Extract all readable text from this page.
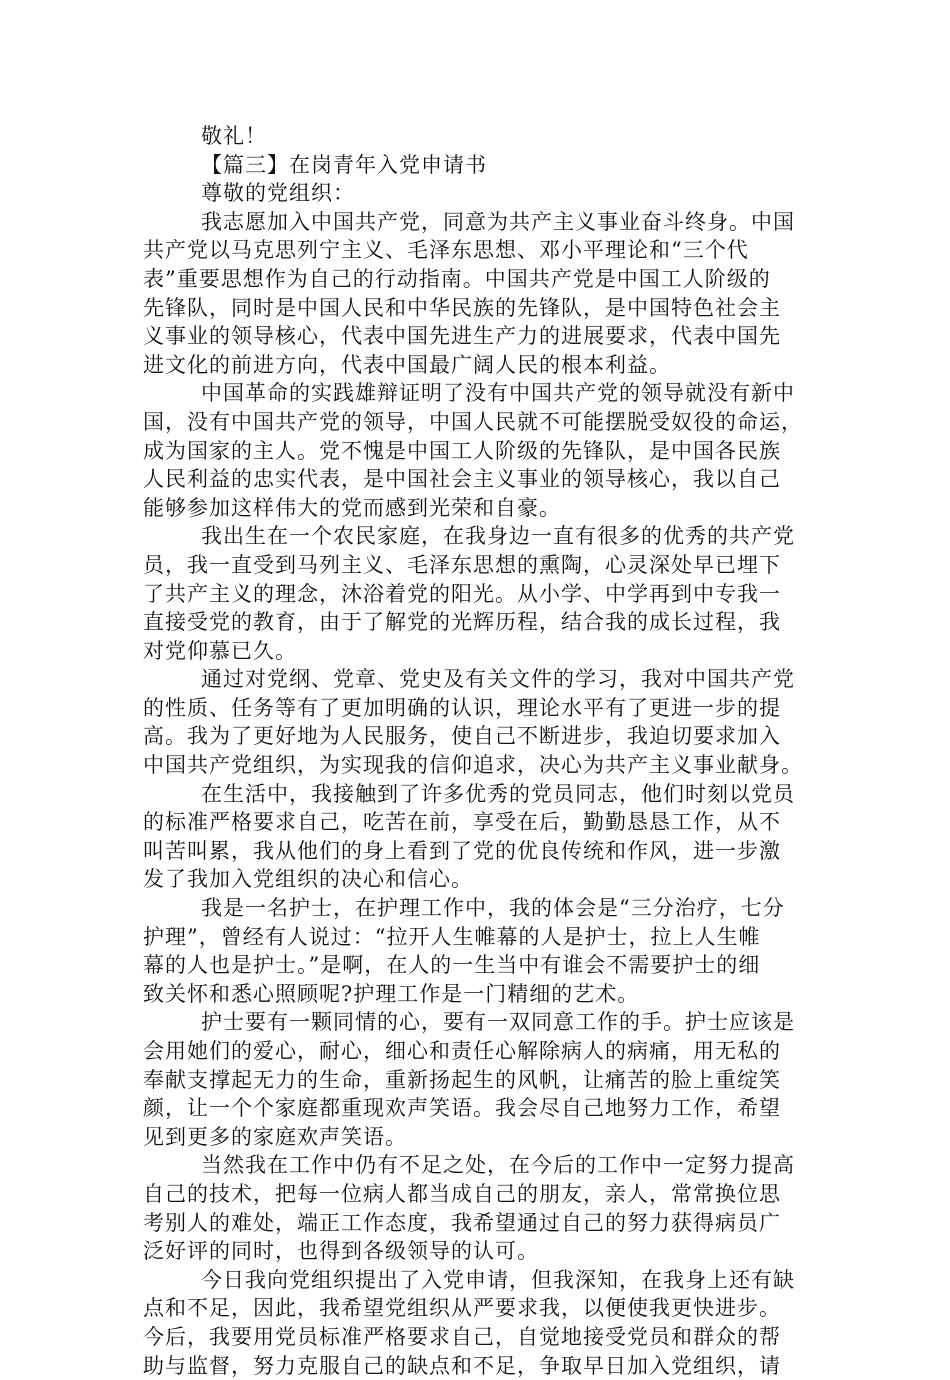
敬礼！

【篇三】在岗青年入党申请书

尊敬的党组织：

我志愿加入中国共产党，同意为共产主义事业奋斗终身。中国

共产党以马克思列宁主义、毛泽东思想、邓小平理论和“三个代

表”重要思想作为自己的行动指南。中国共产党是中国工人阶级的

先锋队，同时是中国人民和中华民族的先锋队，是中国特色社会主

义事业的领导核心，代表中国先进生产力的进展要求，代表中国先

进文化的前进方向，代表中国最广阔人民的根本利益。

中国革命的实践雄辩证明了没有中国共产党的领导就没有新中

国，没有中国共产党的领导，中国人民就不可能摆脱受奴役的命运，

成为国家的主人。党不愧是中国工人阶级的先锋队，是中国各民族

人民利益的忠实代表，是中国社会主义事业的领导核心，我以自己

能够参加这样伟大的党而感到光荣和自豪。

我出生在一个农民家庭，在我身边一直有很多的优秀的共产党

员，我一直受到马列主义、毛泽东思想的熏陶，心灵深处早已埋下

了共产主义的理念，沐浴着党的阳光。从小学、中学再到中专我一

直接受党的教育，由于了解党的光辉历程，结合我的成长过程，我

对党仰慕已久。

通过对党纲、党章、党史及有关文件的学习，我对中国共产党

的性质、任务等有了更加明确的认识，理论水平有了更进一步的提

高。我为了更好地为人民服务，使自己不断进步，我迫切要求加入

中国共产党组织，为实现我的信仰追求，决心为共产主义事业献身。

在生活中，我接触到了许多优秀的党员同志，他们时刻以党员

的标准严格要求自己，吃苦在前，享受在后，勤勤恳恳工作，从不

叫苦叫累，我从他们的身上看到了党的优良传统和作风，进一步激

发了我加入党组织的决心和信心。

我是一名护士，在护理工作中，我的体会是“三分治疗，七分

护理”，曾经有人说过：“拉开人生帷幕的人是护士，拉上人生帷

幕的人也是护士。”是啊，在人的一生当中有谁会不需要护士的细

致关怀和悉心照顾呢?护理工作是一门精细的艺术。

护士要有一颗同情的心，要有一双同意工作的手。护士应该是

会用她们的爱心，耐心，细心和责任心解除病人的病痛，用无私的

奉献支撑起无力的生命，重新扬起生的风帆，让痛苦的脸上重绽笑

颜，让一个个家庭都重现欢声笑语。我会尽自己地努力工作，希望

见到更多的家庭欢声笑语。

当然我在工作中仍有不足之处，在今后的工作中一定努力提高

自己的技术，把每一位病人都当成自己的朋友，亲人，常常换位思

考别人的难处，端正工作态度，我希望通过自己的努力获得病员广

泛好评的同时，也得到各级领导的认可。

今日我向党组织提出了入党申请，但我深知，在我身上还有缺

点和不足，因此，我希望党组织从严要求我，以便使我更快进步。

今后，我要用党员标准严格要求自己，自觉地接受党员和群众的帮

助与监督，努力克服自己的缺点和不足，争取早日加入党组织，请
